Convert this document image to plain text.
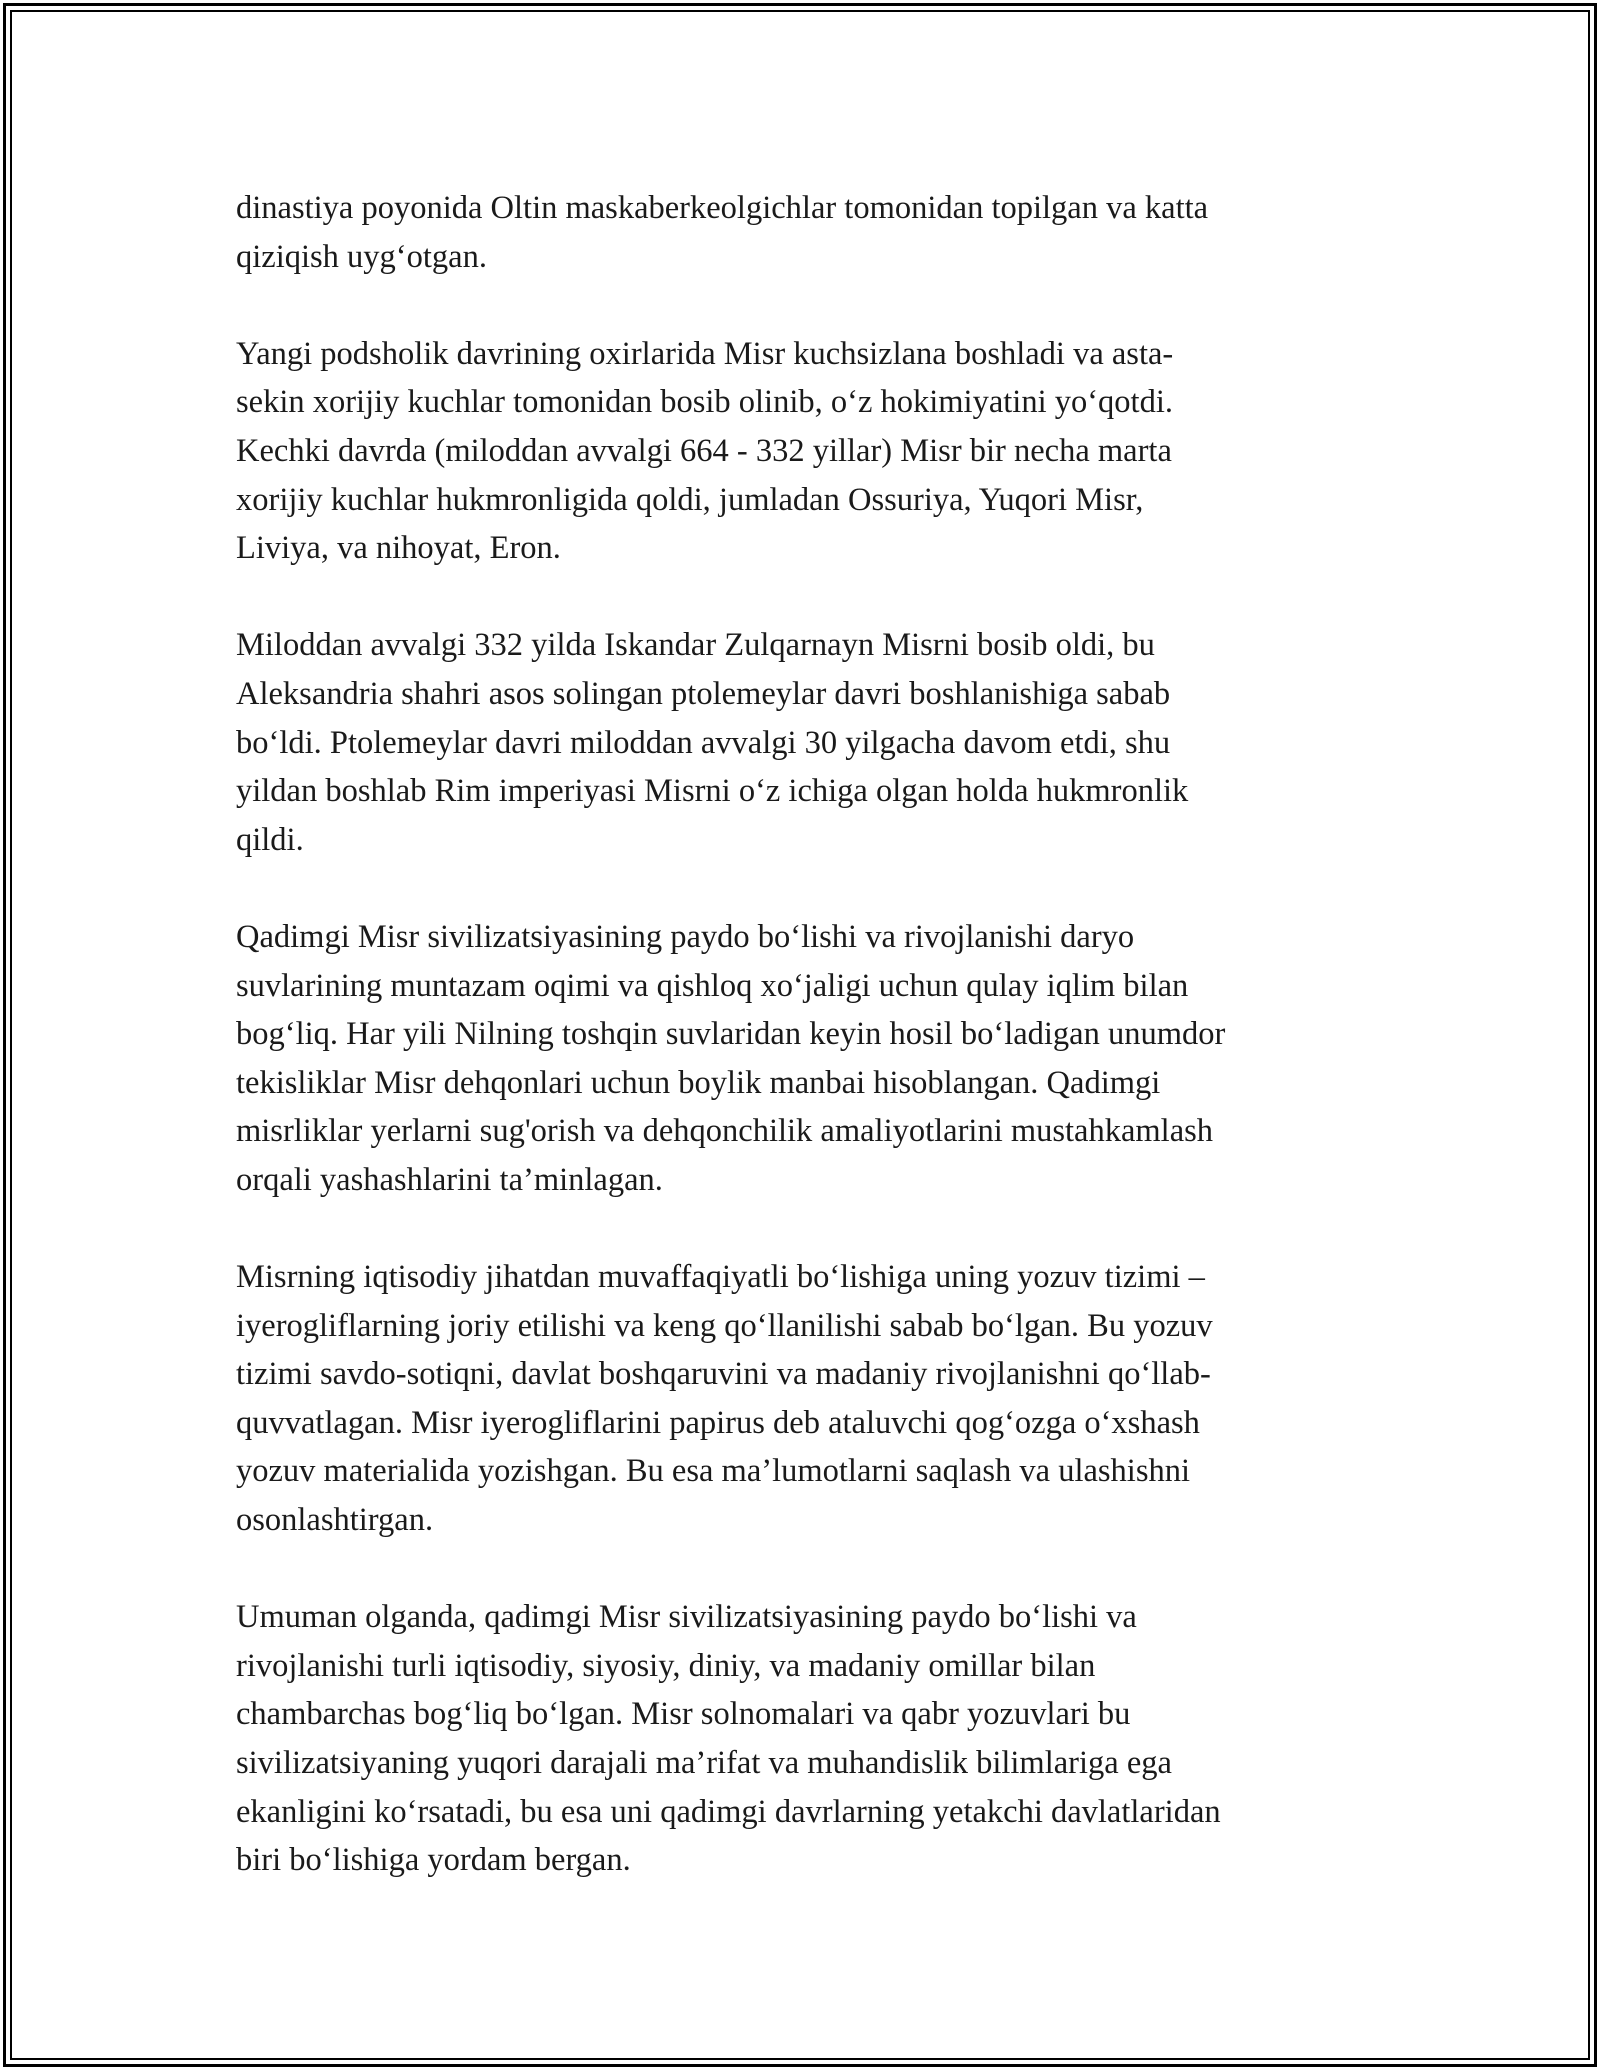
dinastiya poyonida Oltin maskaberkeolgichlar tomonidan topilgan va katta
qiziqish uyg‘otgan.

Yangi podsholik davrining oxirlarida Misr kuchsizlana boshladi va asta-
sekin xorijiy kuchlar tomonidan bosib olinib, o‘z hokimiyatini yo‘qotdi.
Kechki davrda (miloddan avvalgi 664 - 332 yillar) Misr bir necha marta
xorijiy kuchlar hukmronligida qoldi, jumladan Ossuriya, Yuqori Misr,
Liviya, va nihoyat, Eron.

Miloddan avvalgi 332 yilda Iskandar Zulqarnayn Misrni bosib oldi, bu
Aleksandria shahri asos solingan ptolemeylar davri boshlanishiga sabab
bo‘ldi. Ptolemeylar davri miloddan avvalgi 30 yilgacha davom etdi, shu
yildan boshlab Rim imperiyasi Misrni o‘z ichiga olgan holda hukmronlik
qildi.

Qadimgi Misr sivilizatsiyasining paydo bo‘lishi va rivojlanishi daryo
suvlarining muntazam oqimi va qishloq xo‘jaligi uchun qulay iqlim bilan
bog‘liq. Har yili Nilning toshqin suvlaridan keyin hosil bo‘ladigan unumdor
tekisliklar Misr dehqonlari uchun boylik manbai hisoblangan. Qadimgi
misrliklar yerlarni sug'orish va dehqonchilik amaliyotlarini mustahkamlash
orqali yashashlarini ta’minlagan.

Misrning iqtisodiy jihatdan muvaffaqiyatli bo‘lishiga uning yozuv tizimi –
iyerogliflarning joriy etilishi va keng qo‘llanilishi sabab bo‘lgan. Bu yozuv
tizimi savdo-sotiqni, davlat boshqaruvini va madaniy rivojlanishni qo‘llab-
quvvatlagan. Misr iyerogliflarini papirus deb ataluvchi qog‘ozga o‘xshash
yozuv materialida yozishgan. Bu esa ma’lumotlarni saqlash va ulashishni
osonlashtirgan.

Umuman olganda, qadimgi Misr sivilizatsiyasining paydo bo‘lishi va
rivojlanishi turli iqtisodiy, siyosiy, diniy, va madaniy omillar bilan
chambarchas bog‘liq bo‘lgan. Misr solnomalari va qabr yozuvlari bu
sivilizatsiyaning yuqori darajali ma’rifat va muhandislik bilimlariga ega
ekanligini ko‘rsatadi, bu esa uni qadimgi davrlarning yetakchi davlatlaridan
biri bo‘lishiga yordam bergan.
